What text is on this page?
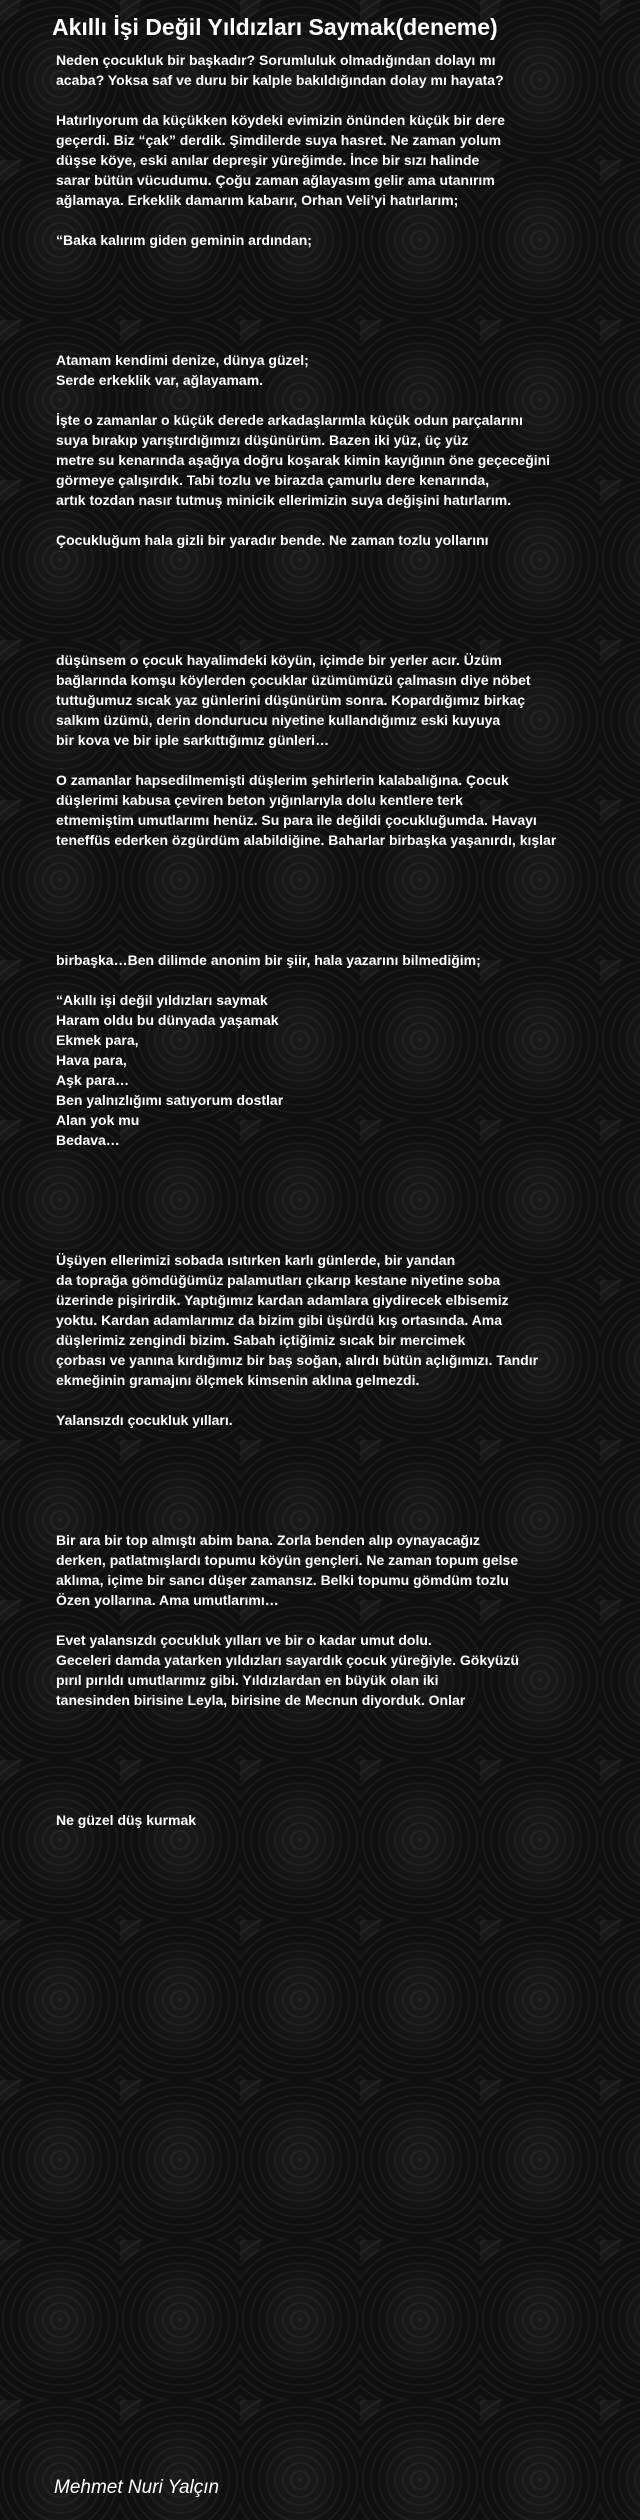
Akıllı İşi Değil Yıldızları Saymak(deneme)
Neden çocukluk bir başkadır? Sorumluluk olmadığından dolayı mı
acaba? Yoksa saf ve duru bir kalple bakıldığından dolay mı hayata?
Hatırlıyorum da küçükken köydeki evimizin önünden küçük bir dere
geçerdi. Biz “çak” derdik. Şimdilerde suya hasret. Ne zaman yolum
düşse köye, eski anılar depreşir yüreğimde. İnce bir sızı halinde
sarar bütün vücudumu. Çoğu zaman ağlayasım gelir ama utanırım
ağlamaya. Erkeklik damarım kabarır, Orhan Veli’yi hatırlarım;
“Baka kalırım giden geminin ardından;
Atamam kendimi denize, dünya güzel;
Serde erkeklik var, ağlayamam.
İşte o zamanlar o küçük derede arkadaşlarımla küçük odun parçalarını
suya bırakıp yarıştırdığımızı düşünürüm. Bazen iki yüz, üç yüz
metre su kenarında aşağıya doğru koşarak kimin kayığının öne geçeceğini
görmeye çalışırdık. Tabi tozlu ve birazda çamurlu dere kenarında,
artık tozdan nasır tutmuş minicik ellerimizin suya değişini hatırlarım.
Çocukluğum hala gizli bir yaradır bende. Ne zaman tozlu yollarını
düşünsem o çocuk hayalimdeki köyün, içimde bir yerler acır. Üzüm
bağlarında komşu köylerden çocuklar üzümümüzü çalmasın diye nöbet
tuttuğumuz sıcak yaz günlerini düşünürüm sonra. Kopardığımız birkaç
salkım üzümü, derin dondurucu niyetine kullandığımız eski kuyuya
bir kova ve bir iple sarkıttığımız günleri…
O zamanlar hapsedilmemişti düşlerim şehirlerin kalabalığına. Çocuk
düşlerimi kabusa çeviren beton yığınlarıyla dolu kentlere terk
etmemiştim umutlarımı henüz. Su para ile değildi çocukluğumda. Havayı
teneffüs ederken özgürdüm alabildiğine. Baharlar birbaşka yaşanırdı, kışlar
birbaşka…Ben dilimde anonim bir şiir, hala yazarını bilmediğim;
“Akıllı işi değil yıldızları saymak
Haram oldu bu dünyada yaşamak
Ekmek para,
Hava para,
Aşk para…
Ben yalnızlığımı satıyorum dostlar
Alan yok mu
Bedava…
Üşüyen ellerimizi sobada ısıtırken karlı günlerde, bir yandan
da toprağa gömdüğümüz palamutları çıkarıp kestane niyetine soba
üzerinde pişirirdik. Yaptığımız kardan adamlara giydirecek elbisemiz
yoktu. Kardan adamlarımız da bizim gibi üşürdü kış ortasında. Ama
düşlerimiz zengindi bizim. Sabah içtiğimiz sıcak bir mercimek
çorbası ve yanına kırdığımız bir baş soğan, alırdı bütün açlığımızı. Tandır
ekmeğinin gramajını ölçmek kimsenin aklına gelmezdi.
Yalansızdı çocukluk yılları.
Bir ara bir top almıştı abim bana. Zorla benden alıp oynayacağız
derken, patlatmışlardı topumu köyün gençleri. Ne zaman topum gelse
aklıma, içime bir sancı düşer zamansız. Belki topumu gömdüm tozlu
Özen yollarına. Ama umutlarımı…
Evet yalansızdı çocukluk yılları ve bir o kadar umut dolu.
Geceleri damda yatarken yıldızları sayardık çocuk yüreğiyle. Gökyüzü
pırıl pırıldı umutlarımız gibi. Yıldızlardan en büyük olan iki
tanesinden birisine Leyla, birisine de Mecnun diyorduk. Onlar
Ne güzel düş kurmak
Mehmet Nuri Yalçın
